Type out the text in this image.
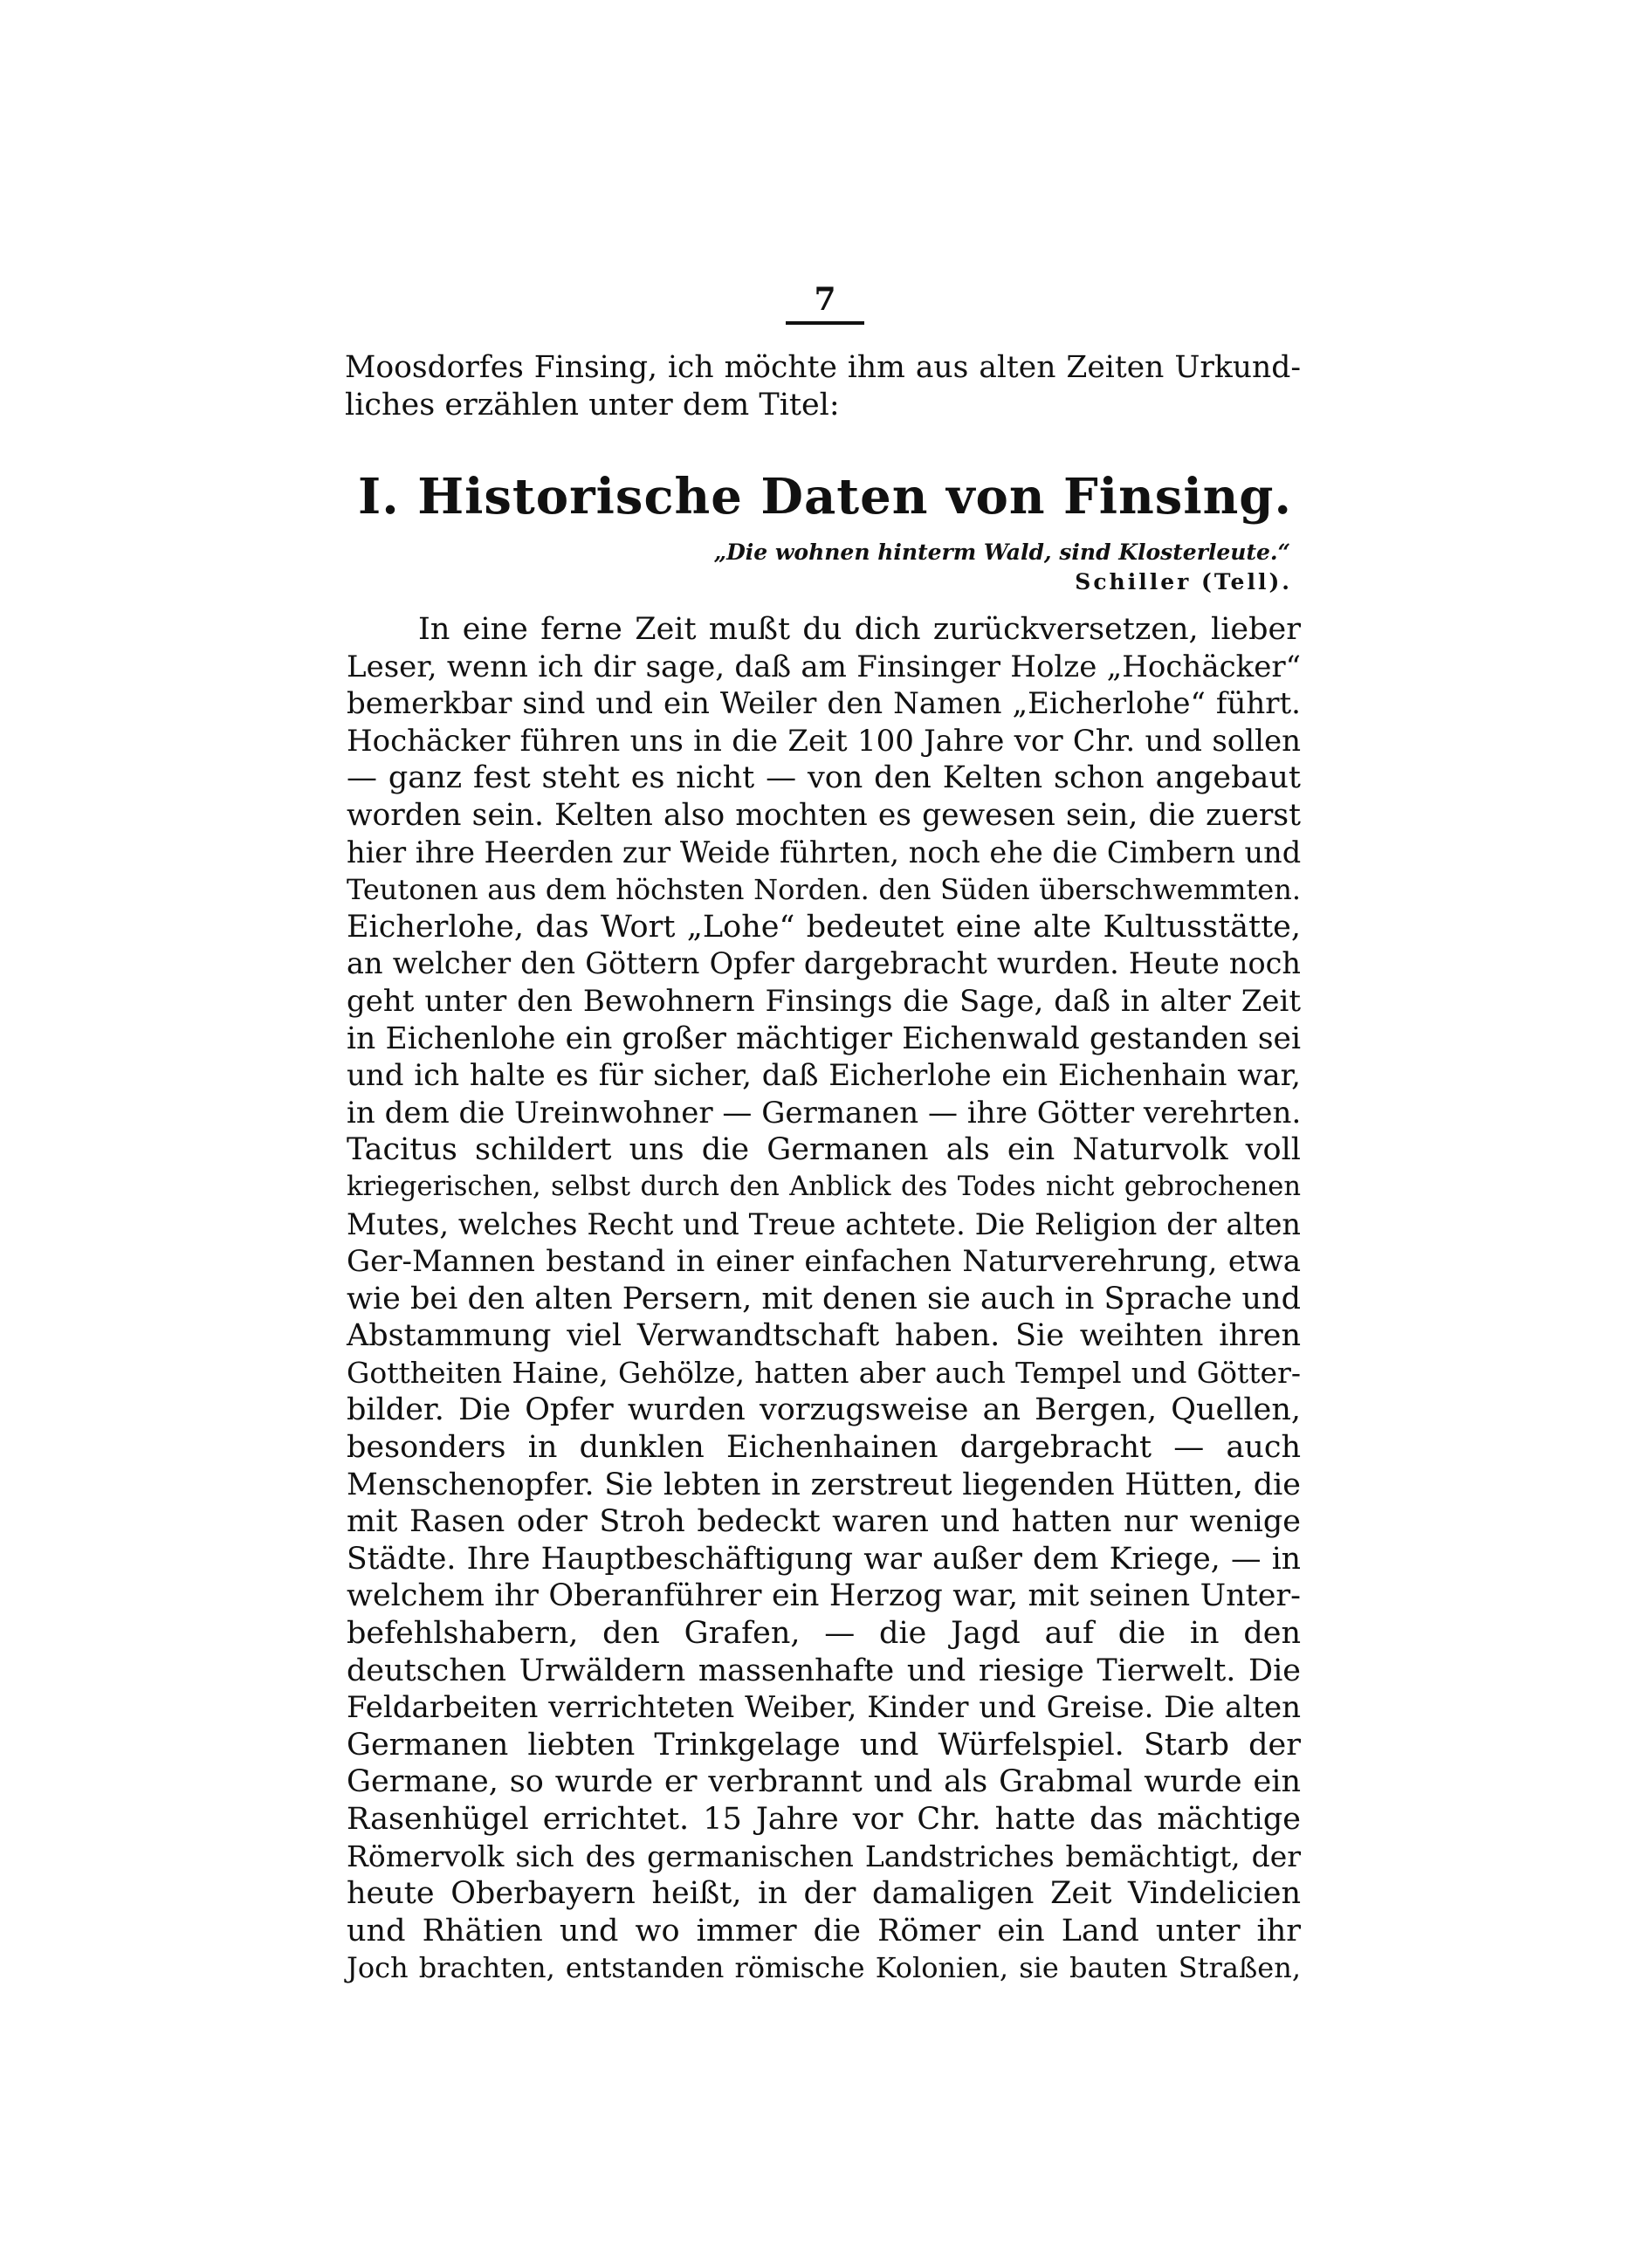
7
Moosdorfes Finsing, ich möchte ihm aus alten Zeiten Urkund-
liches erzählen unter dem Titel:
I. Historische Daten von Finsing.
„Die wohnen hinterm Wald, sind Klosterleute.“
Schiller (Tell).
In eine ferne Zeit mußt du dich zurückversetzen, lieber
Leser, wenn ich dir sage, daß am Finsinger Holze „Hochäcker“
bemerkbar sind und ein Weiler den Namen „Eicherlohe“ führt.
Hochäcker führen uns in die Zeit 100 Jahre vor Chr. und sollen
— ganz fest steht es nicht — von den Kelten schon angebaut
worden sein. Kelten also mochten es gewesen sein, die zuerst
hier ihre Heerden zur Weide führten, noch ehe die Cimbern und
Teutonen aus dem höchsten Norden. den Süden überschwemmten.
Eicherlohe, das Wort „Lohe“ bedeutet eine alte Kultusstätte,
an welcher den Göttern Opfer dargebracht wurden. Heute noch
geht unter den Bewohnern Finsings die Sage, daß in alter Zeit
in Eichenlohe ein großer mächtiger Eichenwald gestanden sei
und ich halte es für sicher, daß Eicherlohe ein Eichenhain war,
in dem die Ureinwohner — Germanen — ihre Götter verehrten.
Tacitus schildert uns die Germanen als ein Naturvolk voll
kriegerischen, selbst durch den Anblick des Todes nicht gebrochenen
Mutes, welches Recht und Treue achtete. Die Religion der alten
Ger-Mannen bestand in einer einfachen Naturverehrung, etwa
wie bei den alten Persern, mit denen sie auch in Sprache und
Abstammung viel Verwandtschaft haben. Sie weihten ihren
Gottheiten Haine, Gehölze, hatten aber auch Tempel und Götter-
bilder. Die Opfer wurden vorzugsweise an Bergen, Quellen,
besonders in dunklen Eichenhainen dargebracht — auch
Menschenopfer. Sie lebten in zerstreut liegenden Hütten, die
mit Rasen oder Stroh bedeckt waren und hatten nur wenige
Städte. Ihre Hauptbeschäftigung war außer dem Kriege, — in
welchem ihr Oberanführer ein Herzog war, mit seinen Unter-
befehlshabern, den Grafen, — die Jagd auf die in den
deutschen Urwäldern massenhafte und riesige Tierwelt. Die
Feldarbeiten verrichteten Weiber, Kinder und Greise. Die alten
Germanen liebten Trinkgelage und Würfelspiel. Starb der
Germane, so wurde er verbrannt und als Grabmal wurde ein
Rasenhügel errichtet. 15 Jahre vor Chr. hatte das mächtige
Römervolk sich des germanischen Landstriches bemächtigt, der
heute Oberbayern heißt, in der damaligen Zeit Vindelicien
und Rhätien und wo immer die Römer ein Land unter ihr
Joch brachten, entstanden römische Kolonien, sie bauten Straßen,
